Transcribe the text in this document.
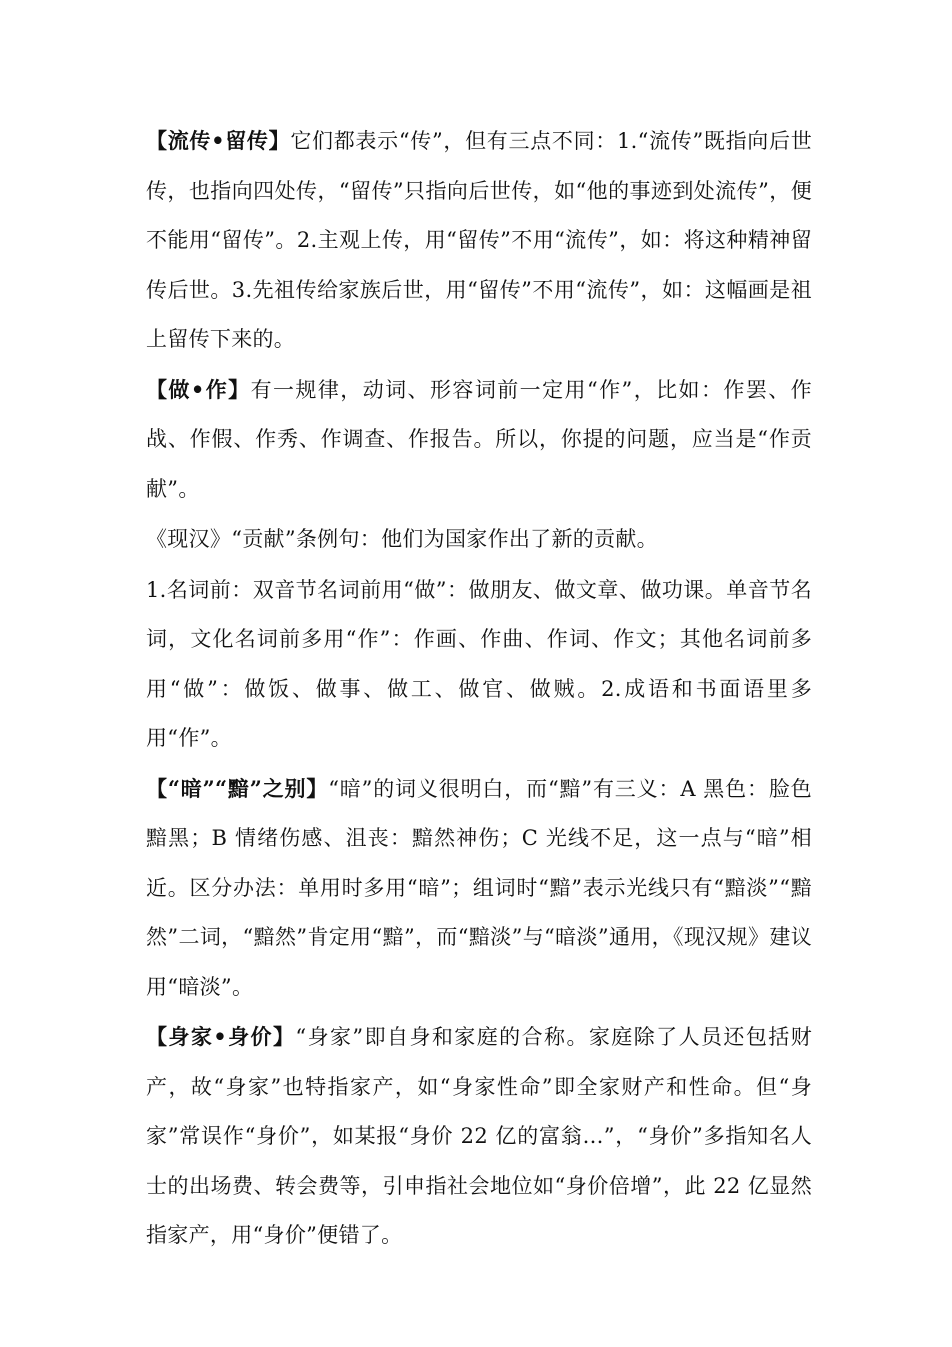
【流传•留传】它们都表示“传”，但有三点不同：1.“流传”既指向后世传，也指向四处传，“留传”只指向后世传，如“他的事迹到处流传”，便不能用“留传”。2.主观上传，用“留传”不用“流传”，如：将这种精神留传后世。3.先祖传给家族后世，用“留传”不用“流传”，如：这幅画是祖上留传下来的。

【做•作】有一规律，动词、形容词前一定用“作”，比如：作罢、作战、作假、作秀、作调查、作报告。所以，你提的问题，应当是“作贡献”。

《现汉》“贡献”条例句：他们为国家作出了新的贡献。

1.名词前：双音节名词前用“做”：做朋友、做文章、做功课。单音节名词，文化名词前多用“作”：作画、作曲、作词、作文；其他名词前多用“做”：做饭、做事、做工、做官、做贼。2.成语和书面语里多用“作”。

【“暗”“黯”之别】“暗”的词义很明白，而“黯”有三义：A 黑色：脸色黯黑；B 情绪伤感、沮丧：黯然神伤；C 光线不足，这一点与“暗”相近。区分办法：单用时多用“暗”；组词时“黯”表示光线只有“黯淡”“黯然”二词，“黯然”肯定用“黯”，而“黯淡”与“暗淡”通用，《现汉规》建议用“暗淡”。

【身家•身价】“身家”即自身和家庭的合称。家庭除了人员还包括财产，故“身家”也特指家产，如“身家性命”即全家财产和性命。但“身家”常误作“身价”，如某报“身价 22 亿的富翁…”，“身价”多指知名人士的出场费、转会费等，引申指社会地位如“身价倍增”，此 22 亿显然指家产，用“身价”便错了。
